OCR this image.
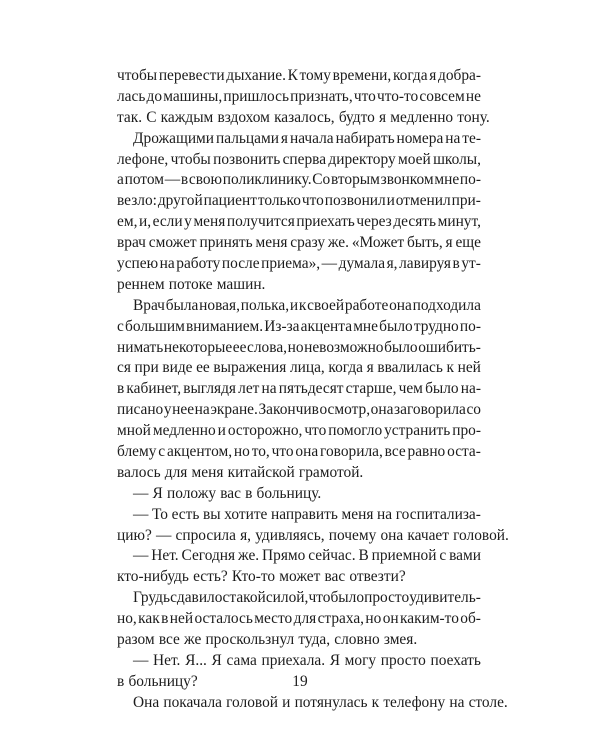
чтобы перевести дыхание. К тому времени, когда я добра-
лась до машины, пришлось признать, что что-то совсем не
так. С каждым вздохом казалось, будто я медленно тону.
Дрожащими пальцами я начала набирать номера на те-
лефоне, чтобы позвонить сперва директору моей школы,
а потом — в свою поликлинику. Со вторым звонком мне по-
везло: другой пациент только что позвонил и отменил при-
ем, и, если у меня получится приехать через десять минут,
врач сможет принять меня сразу же. «Может быть, я еще
успею на работу после приема», — думала я, лавируя в ут-
реннем потоке машин.
Врач была новая, полька, и к своей работе она подходила
с большим вниманием. Из-за акцента мне было трудно по-
нимать некоторые ее слова, но невозможно было ошибить-
ся при виде ее выражения лица, когда я ввалилась к ней
в кабинет, выглядя лет на пятьдесят старше, чем было на-
писано у нее на экране. Закончив осмотр, она заговорила со
мной медленно и осторожно, что помогло устранить про-
блему с акцентом, но то, что она говорила, все равно оста-
валось для меня китайской грамотой.
— Я положу вас в больницу.
— То есть вы хотите направить меня на госпитализа-
цию? — спросила я, удивляясь, почему она качает головой.
— Нет. Сегодня же. Прямо сейчас. В приемной с вами
кто-нибудь есть? Кто-то может вас отвезти?
Грудь сдавило с такой силой, что было просто удивитель-
но, как в ней осталось место для страха, но он каким-то об-
разом все же проскользнул туда, словно змея.
— Нет. Я... Я сама приехала. Я могу просто поехать
в больницу?
Она покачала головой и потянулась к телефону на столе.
19
